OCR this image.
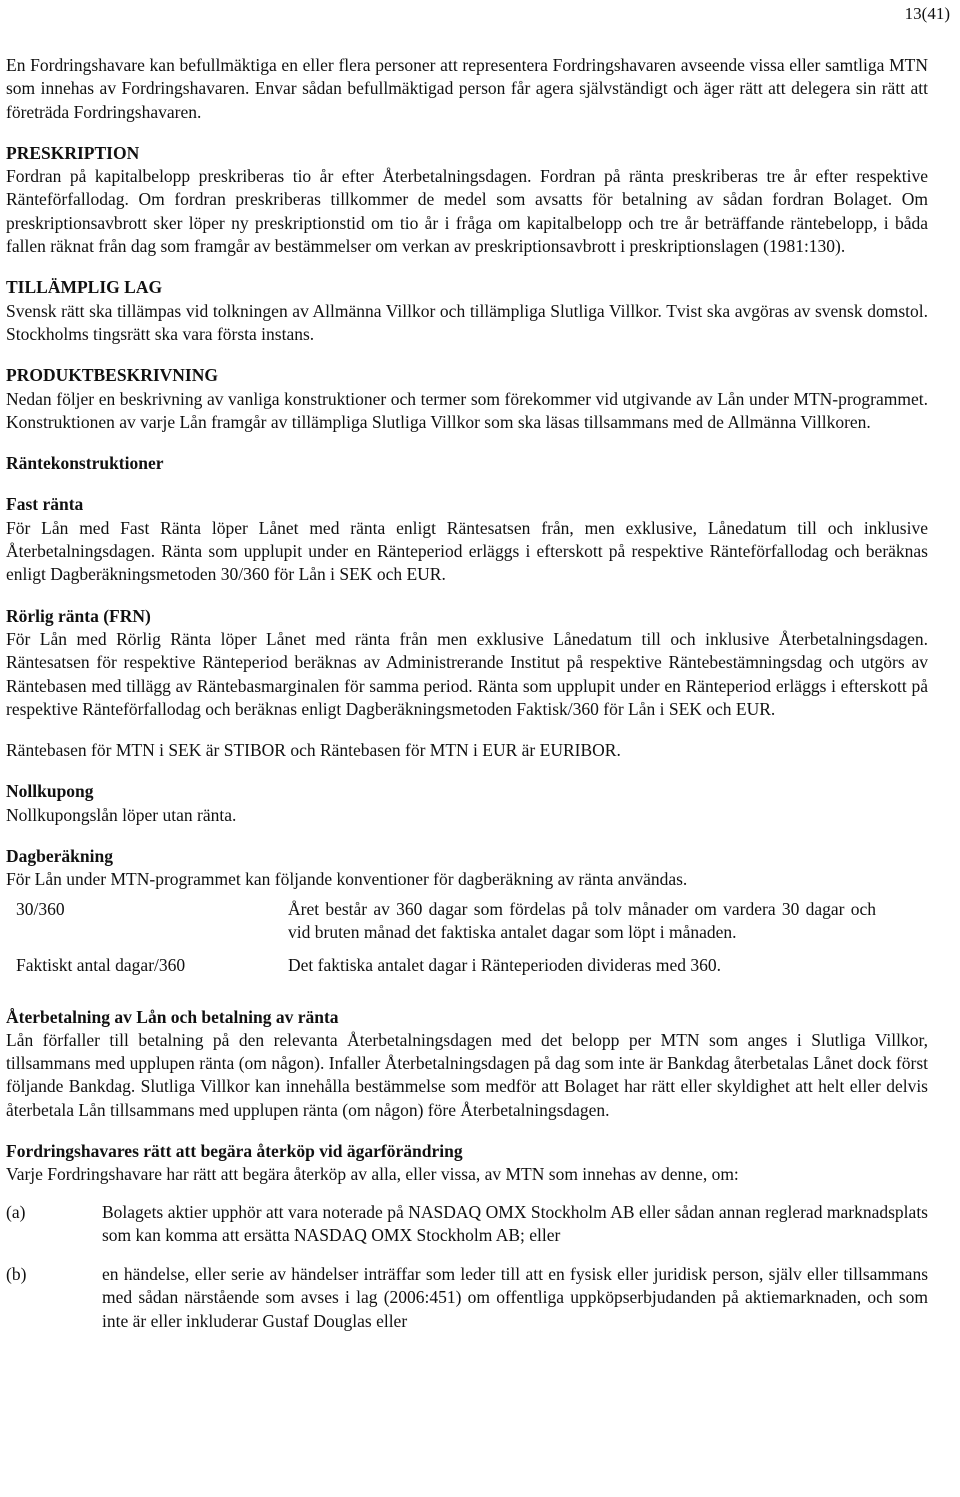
13(41)

En Fordringshavare kan befullmäktiga en eller flera personer att representera Fordringshavaren avseende vissa eller samtliga MTN som innehas av Fordringshavaren. Envar sådan befullmäktigad person får agera självständigt och äger rätt att delegera sin rätt att företräda Fordringshavaren.

PRESKRIPTION

Fordran på kapitalbelopp preskriberas tio år efter Återbetalningsdagen. Fordran på ränta preskriberas tre år efter respektive Ränteförfallodag. Om fordran preskriberas tillkommer de medel som avsatts för betalning av sådan fordran Bolaget. Om preskriptionsavbrott sker löper ny preskriptionstid om tio år i fråga om kapitalbelopp och tre år beträffande räntebelopp, i båda fallen räknat från dag som framgår av bestämmelser om verkan av preskriptionsavbrott i preskriptionslagen (1981:130).

TILLÄMPLIG LAG

Svensk rätt ska tillämpas vid tolkningen av Allmänna Villkor och tillämpliga Slutliga Villkor. Tvist ska avgöras av svensk domstol. Stockholms tingsrätt ska vara första instans.

PRODUKTBESKRIVNING

Nedan följer en beskrivning av vanliga konstruktioner och termer som förekommer vid utgivande av Lån under MTN-programmet. Konstruktionen av varje Lån framgår av tillämpliga Slutliga Villkor som ska läsas tillsammans med de Allmänna Villkoren.

Räntekonstruktioner

Fast ränta

För Lån med Fast Ränta löper Lånet med ränta enligt Räntesatsen från, men exklusive, Lånedatum till och inklusive Återbetalningsdagen. Ränta som upplupit under en Ränteperiod erläggs i efterskott på respektive Ränteförfallodag och beräknas enligt Dagberäkningsmetoden 30/360 för Lån i SEK och EUR.

Rörlig ränta (FRN)

För Lån med Rörlig Ränta löper Lånet med ränta från men exklusive Lånedatum till och inklusive Återbetalningsdagen. Räntesatsen för respektive Ränteperiod beräknas av Administrerande Institut på respektive Räntebestämningsdag och utgörs av Räntebasen med tillägg av Räntebasmarginalen för samma period. Ränta som upplupit under en Ränteperiod erläggs i efterskott på respektive Ränteförfallodag och beräknas enligt Dagberäkningsmetoden Faktisk/360 för Lån i SEK och EUR.

Räntebasen för MTN i SEK är STIBOR och Räntebasen för MTN i EUR är EURIBOR.

Nollkupong

Nollkupongslån löper utan ränta.

Dagberäkning

För Lån under MTN-programmet kan följande konventioner för dagberäkning av ränta användas.

30/360	Året består av 360 dagar som fördelas på tolv månader om vardera 30 dagar och vid bruten månad det faktiska antalet dagar som löpt i månaden.
Faktiskt antal dagar/360	Det faktiska antalet dagar i Ränteperioden divideras med 360.

Återbetalning av Lån och betalning av ränta

Lån förfaller till betalning på den relevanta Återbetalningsdagen med det belopp per MTN som anges i Slutliga Villkor, tillsammans med upplupen ränta (om någon). Infaller Återbetalningsdagen på dag som inte är Bankdag återbetalas Lånet dock först följande Bankdag. Slutliga Villkor kan innehålla bestämmelse som medför att Bolaget har rätt eller skyldighet att helt eller delvis återbetala Lån tillsammans med upplupen ränta (om någon) före Återbetalningsdagen.

Fordringshavares rätt att begära återköp vid ägarförändring

Varje Fordringshavare har rätt att begära återköp av alla, eller vissa, av MTN som innehas av denne, om:

(a)	Bolagets aktier upphör att vara noterade på NASDAQ OMX Stockholm AB eller sådan annan reglerad marknadsplats som kan komma att ersätta NASDAQ OMX Stockholm AB; eller
(b)	en händelse, eller serie av händelser inträffar som leder till att en fysisk eller juridisk person, själv eller tillsammans med sådan närstående som avses i lag (2006:451) om offentliga uppköpserbjudanden på aktiemarknaden, och som inte är eller inkluderar Gustaf Douglas eller
